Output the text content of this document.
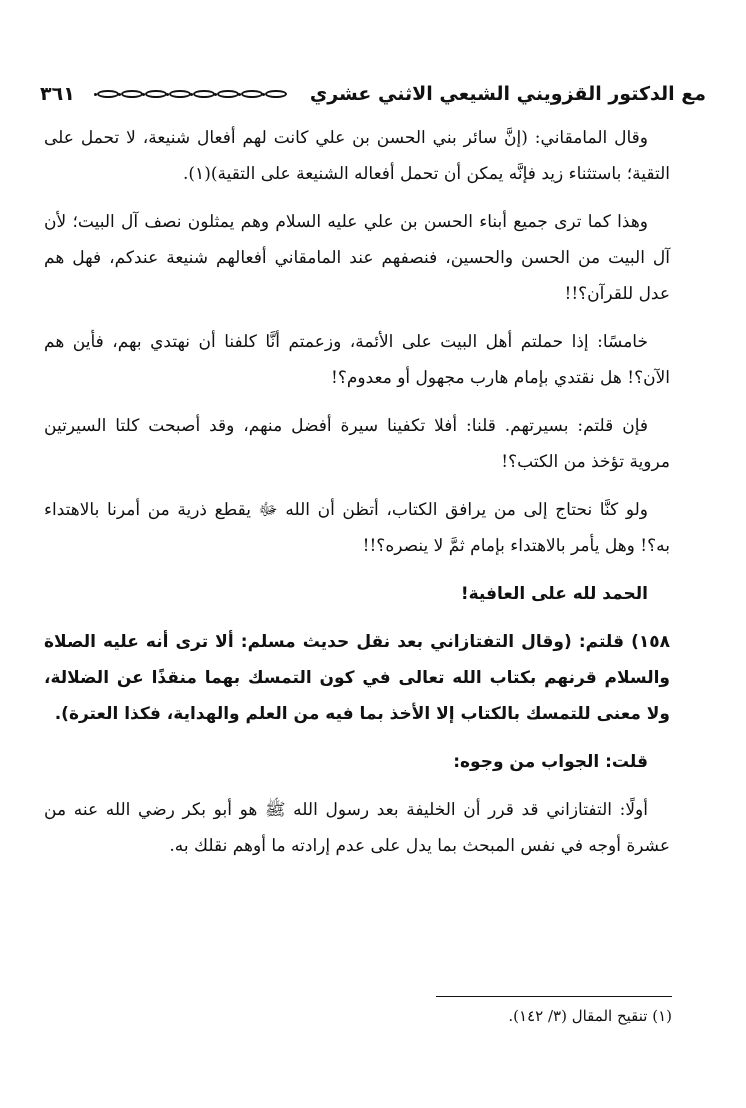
مع الدكتور القزويني الشيعي الاثني عشري
٣٦١

وقال المامقاني: (إنَّ سائر بني الحسن بن علي كانت لهم أفعال شنيعة، لا تحمل على التقية؛ باستثناء زيد فإنَّه يمكن أن تحمل أفعاله الشنيعة على التقية)(١).

وهذا كما ترى جميع أبناء الحسن بن علي عليه السلام وهم يمثلون نصف آل البيت؛ لأن آل البيت من الحسن والحسين، فنصفهم عند المامقاني أفعالهم شنيعة عندكم، فهل هم عدل للقرآن؟!!

خامسًا: إذا حملتم أهل البيت على الأئمة، وزعمتم أنَّا كلفنا أن نهتدي بهم، فأين هم الآن؟! هل نقتدي بإمام هارب مجهول أو معدوم؟!

فإن قلتم: بسيرتهم. قلنا: أفلا تكفينا سيرة أفضل منهم، وقد أصبحت كلتا السيرتين مروية تؤخذ من الكتب؟!

ولو كنَّا نحتاج إلى من يرافق الكتاب، أتظن أن الله ﷻ يقطع ذرية من أمرنا بالاهتداء به؟! وهل يأمر بالاهتداء بإمام ثمَّ لا ينصره؟!!

الحمد لله على العافية!

١٥٨) قلتم: (وقال التفتازاني بعد نقل حديث مسلم: ألا ترى أنه عليه الصلاة والسلام قرنهم بكتاب الله تعالى في كون التمسك بهما منقذًا عن الضلالة، ولا معنى للتمسك بالكتاب إلا الأخذ بما فيه من العلم والهداية، فكذا العترة).

قلت: الجواب من وجوه:

أولًا: التفتازاني قد قرر أن الخليفة بعد رسول الله ﷺ هو أبو بكر رضي الله عنه من عشرة أوجه في نفس المبحث بما يدل على عدم إرادته ما أوهم نقلك به.

(١) تنقيح المقال (٣/ ١٤٢).
